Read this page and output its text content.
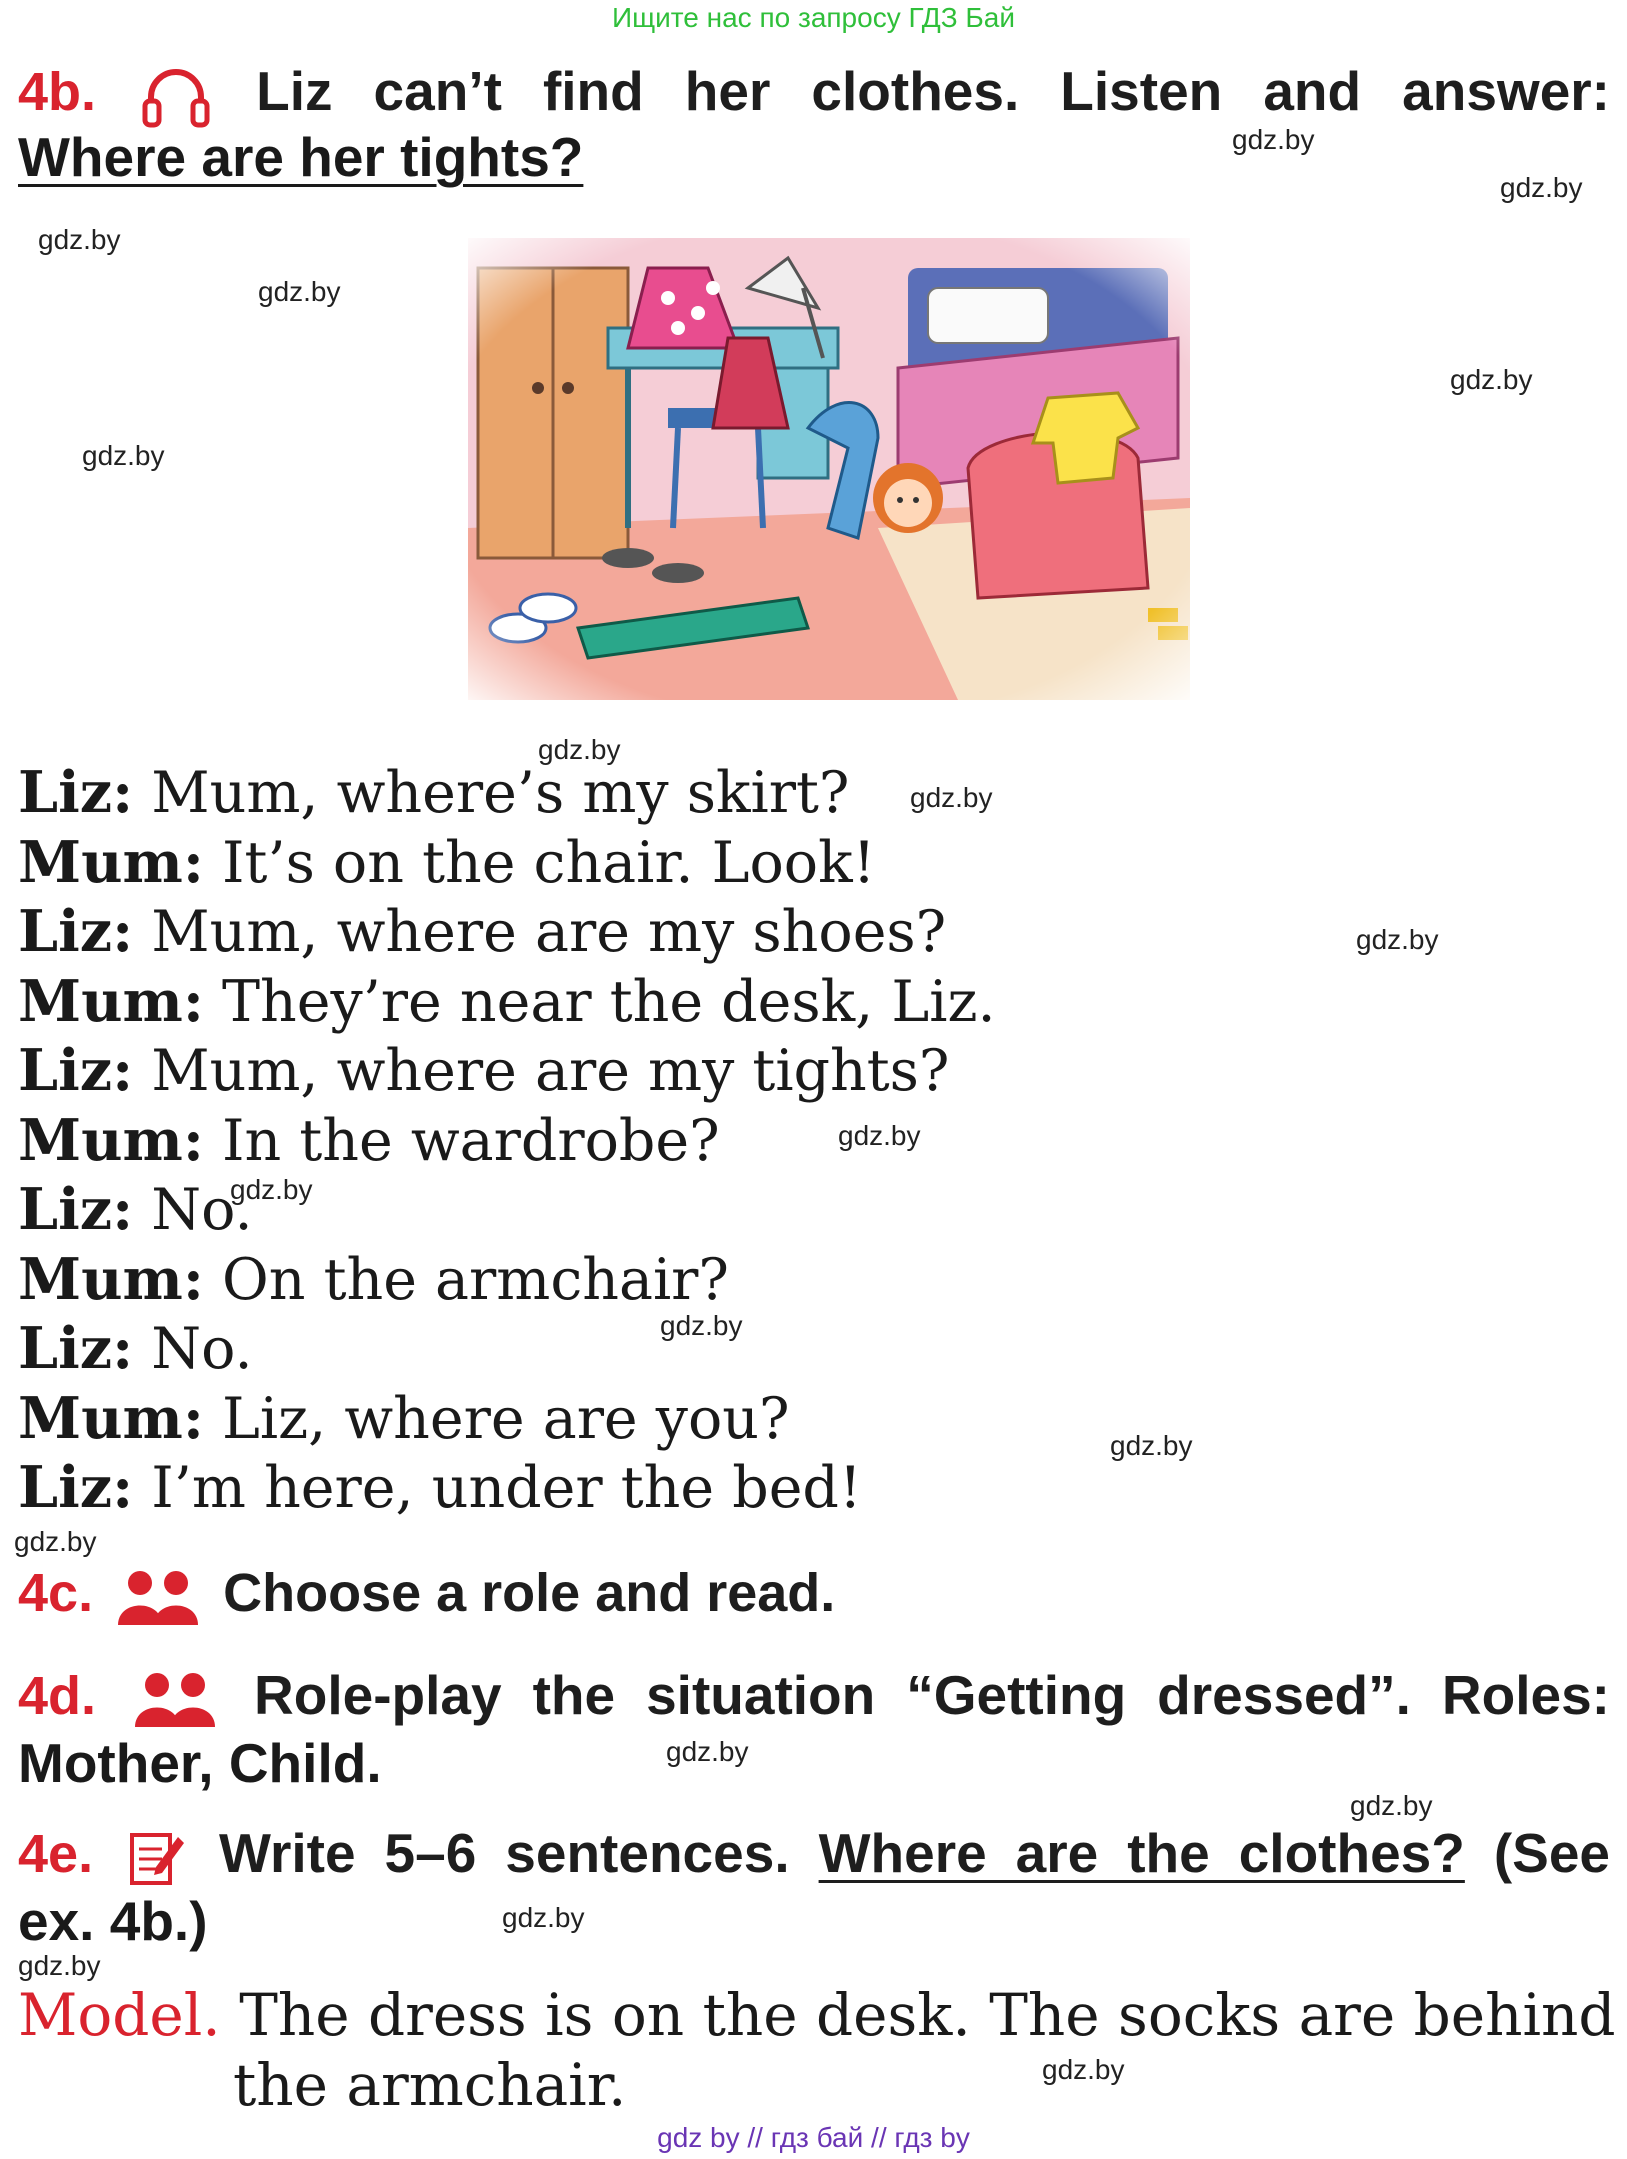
Ищите нас по запросу ГДЗ Бай
4b.	Liz can’t find her clothes. Listen and answer:
Where are her tights?
Liz: Mum, where’s my skirt?
Mum: It’s on the chair. Look!
Liz: Mum, where are my shoes?
Mum: They’re near the desk, Liz.
Liz: Mum, where are my tights?
Mum: In the wardrobe?
Liz: No.
Mum: On the armchair?
Liz: No.
Mum: Liz, where are you?
Liz: I’m here, under the bed!
4c. Choose a role and read.
4d.	Role-play the situation “Getting dressed”. Roles:
Mother, Child.
4e. Write 5–6 sentences. Where are the clothes? (See
ex. 4b.)
Model. The dress is on the desk. The socks are behind
the armchair.
gdz.by
gdz.by
gdz.by
gdz.by
gdz.by
gdz.by
gdz.by
gdz.by
gdz.by
gdz.by
gdz.by
gdz.by
gdz.by
gdz.by
gdz.by
gdz.by
gdz.by
gdz.by
gdz.by
gdz by // гдз бай // гдз by
